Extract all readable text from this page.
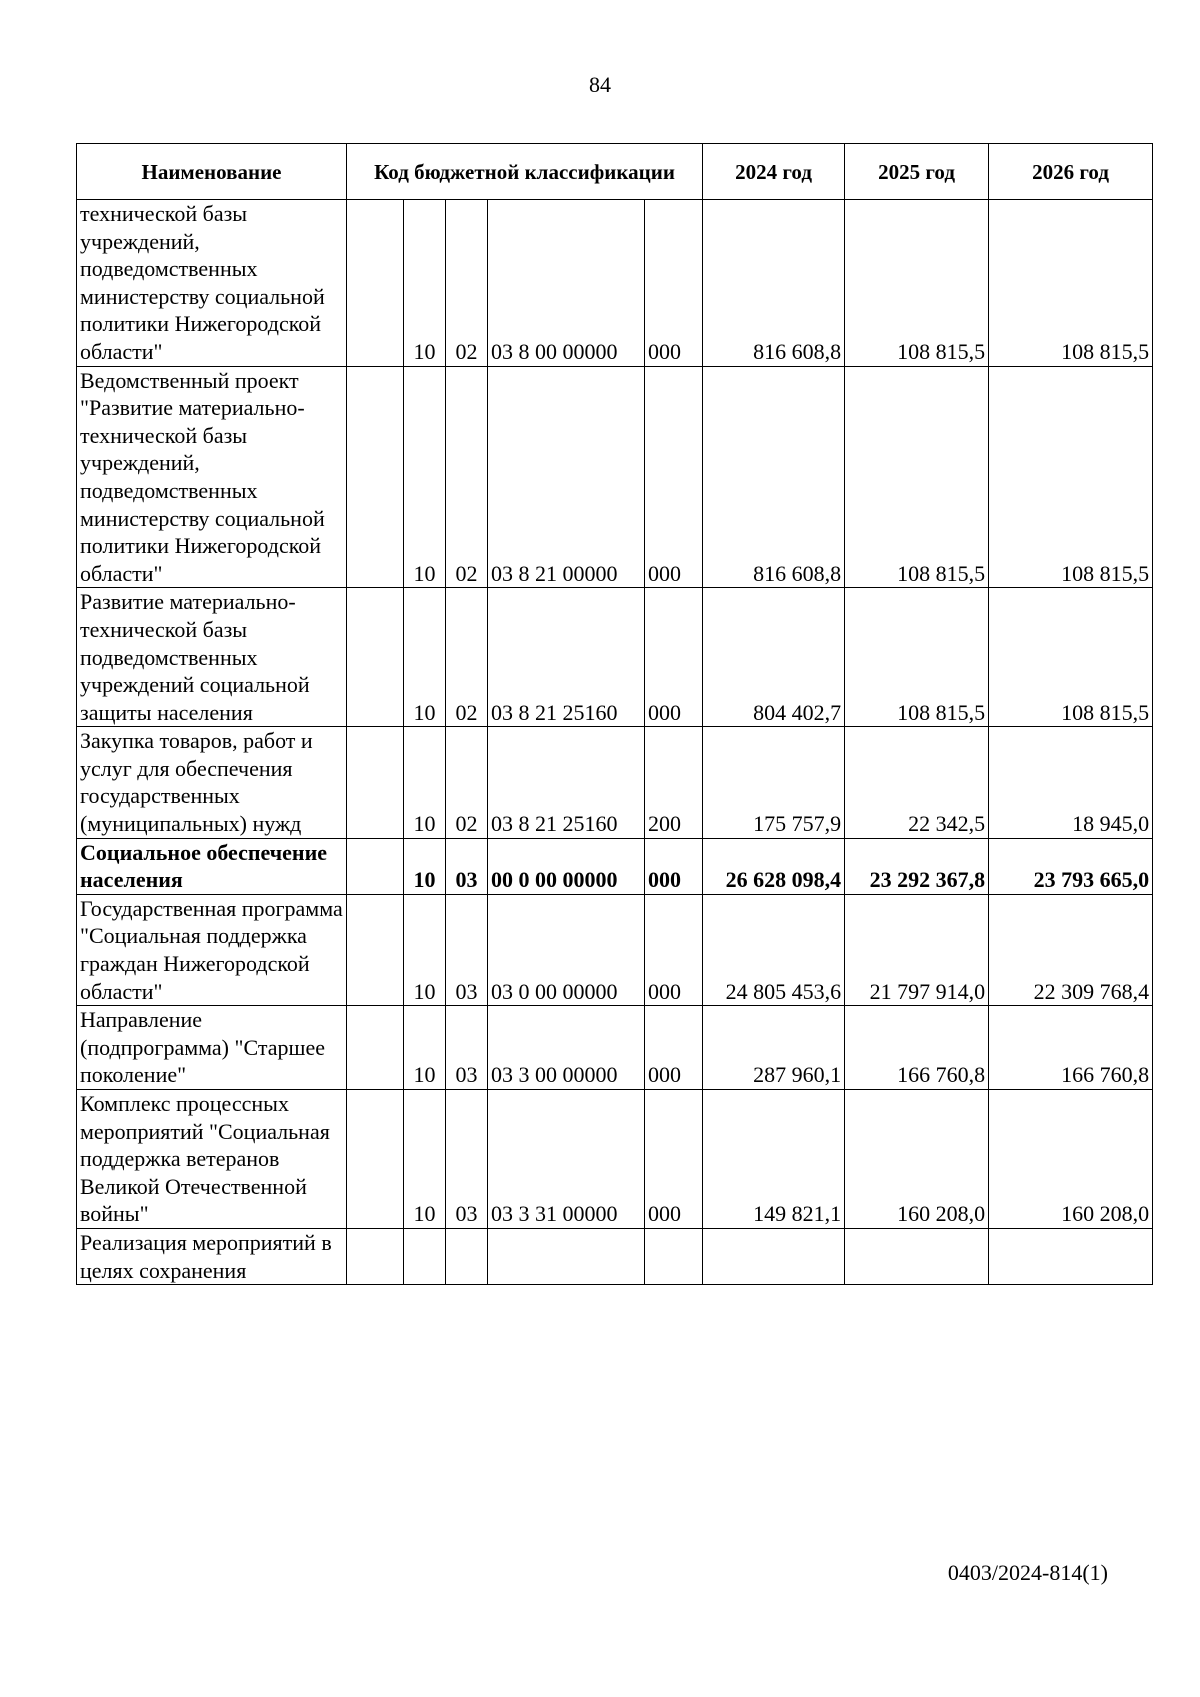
84
Наименование	Код бюджетной классификации					2024 год	2025 год	2026 год
технической базы учреждений, подведомственных министерству социальной политики Нижегородской области"		10	02	03 8 00 00000	000	816 608,8	108 815,5	108 815,5
Ведомственный проект "Развитие материально-технической базы учреждений, подведомственных министерству социальной политики Нижегородской области"		10	02	03 8 21 00000	000	816 608,8	108 815,5	108 815,5
Развитие материально-технической базы подведомственных учреждений социальной защиты населения		10	02	03 8 21 25160	000	804 402,7	108 815,5	108 815,5
Закупка товаров, работ и услуг для обеспечения государственных (муниципальных) нужд		10	02	03 8 21 25160	200	175 757,9	22 342,5	18 945,0
Социальное обеспечение населения		10	03	00 0 00 00000	000	26 628 098,4	23 292 367,8	23 793 665,0
Государственная программа "Социальная поддержка граждан Нижегородской области"		10	03	03 0 00 00000	000	24 805 453,6	21 797 914,0	22 309 768,4
Направление (подпрограмма) "Старшее поколение"		10	03	03 3 00 00000	000	287 960,1	166 760,8	166 760,8
Комплекс процессных мероприятий "Социальная поддержка ветеранов Великой Отечественной войны"		10	03	03 3 31 00000	000	149 821,1	160 208,0	160 208,0
Реализация мероприятий в целях сохранения								
0403/2024-814(1)
